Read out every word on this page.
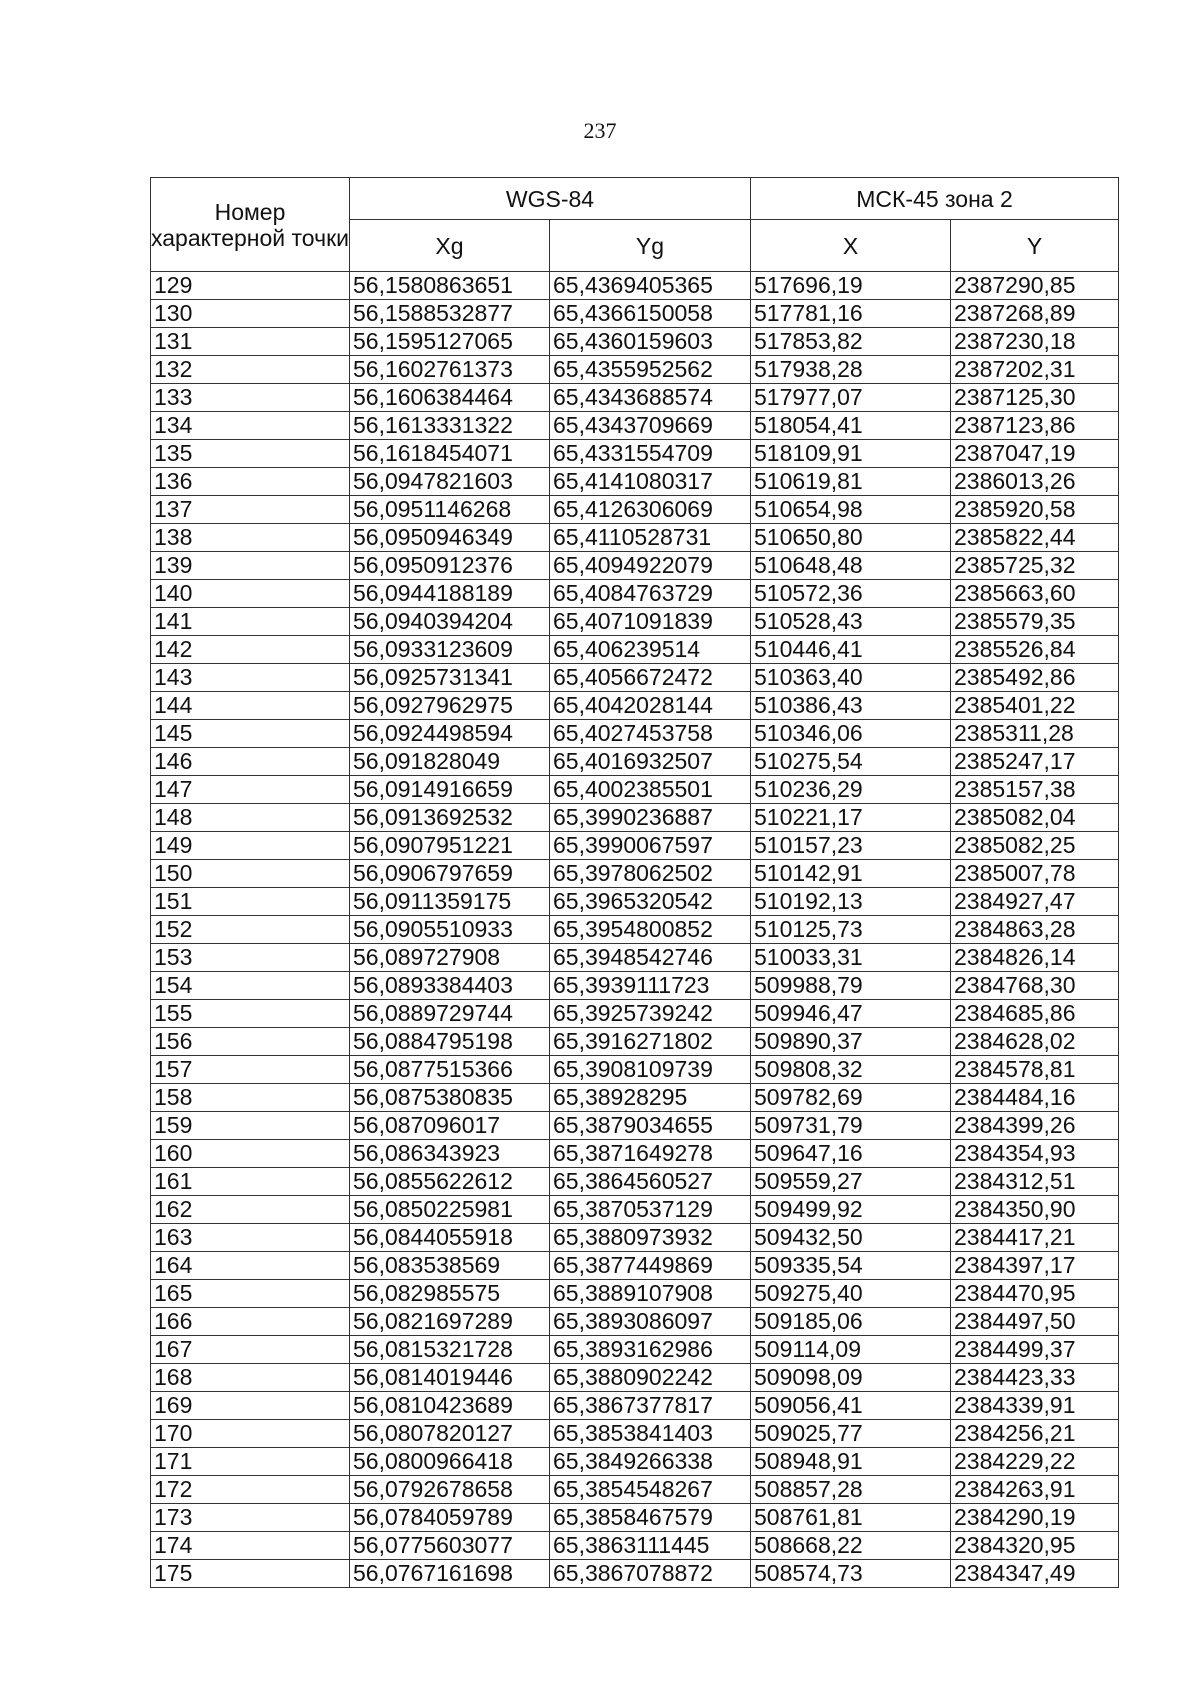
237
Номер характерной точки	WGS-84		МСК-45 зона 2	
	Xg	Yg	X	Y
129	56,1580863651	65,4369405365	517696,19	2387290,85
130	56,1588532877	65,4366150058	517781,16	2387268,89
131	56,1595127065	65,4360159603	517853,82	2387230,18
132	56,1602761373	65,4355952562	517938,28	2387202,31
133	56,1606384464	65,4343688574	517977,07	2387125,30
134	56,1613331322	65,4343709669	518054,41	2387123,86
135	56,1618454071	65,4331554709	518109,91	2387047,19
136	56,0947821603	65,4141080317	510619,81	2386013,26
137	56,0951146268	65,4126306069	510654,98	2385920,58
138	56,0950946349	65,4110528731	510650,80	2385822,44
139	56,0950912376	65,4094922079	510648,48	2385725,32
140	56,0944188189	65,4084763729	510572,36	2385663,60
141	56,0940394204	65,4071091839	510528,43	2385579,35
142	56,0933123609	65,406239514	510446,41	2385526,84
143	56,0925731341	65,4056672472	510363,40	2385492,86
144	56,0927962975	65,4042028144	510386,43	2385401,22
145	56,0924498594	65,4027453758	510346,06	2385311,28
146	56,091828049	65,4016932507	510275,54	2385247,17
147	56,0914916659	65,4002385501	510236,29	2385157,38
148	56,0913692532	65,3990236887	510221,17	2385082,04
149	56,0907951221	65,3990067597	510157,23	2385082,25
150	56,0906797659	65,3978062502	510142,91	2385007,78
151	56,0911359175	65,3965320542	510192,13	2384927,47
152	56,0905510933	65,3954800852	510125,73	2384863,28
153	56,089727908	65,3948542746	510033,31	2384826,14
154	56,0893384403	65,3939111723	509988,79	2384768,30
155	56,0889729744	65,3925739242	509946,47	2384685,86
156	56,0884795198	65,3916271802	509890,37	2384628,02
157	56,0877515366	65,3908109739	509808,32	2384578,81
158	56,0875380835	65,38928295	509782,69	2384484,16
159	56,087096017	65,3879034655	509731,79	2384399,26
160	56,086343923	65,3871649278	509647,16	2384354,93
161	56,0855622612	65,3864560527	509559,27	2384312,51
162	56,0850225981	65,3870537129	509499,92	2384350,90
163	56,0844055918	65,3880973932	509432,50	2384417,21
164	56,083538569	65,3877449869	509335,54	2384397,17
165	56,082985575	65,3889107908	509275,40	2384470,95
166	56,0821697289	65,3893086097	509185,06	2384497,50
167	56,0815321728	65,3893162986	509114,09	2384499,37
168	56,0814019446	65,3880902242	509098,09	2384423,33
169	56,0810423689	65,3867377817	509056,41	2384339,91
170	56,0807820127	65,3853841403	509025,77	2384256,21
171	56,0800966418	65,3849266338	508948,91	2384229,22
172	56,0792678658	65,3854548267	508857,28	2384263,91
173	56,0784059789	65,3858467579	508761,81	2384290,19
174	56,0775603077	65,3863111445	508668,22	2384320,95
175	56,0767161698	65,3867078872	508574,73	2384347,49
